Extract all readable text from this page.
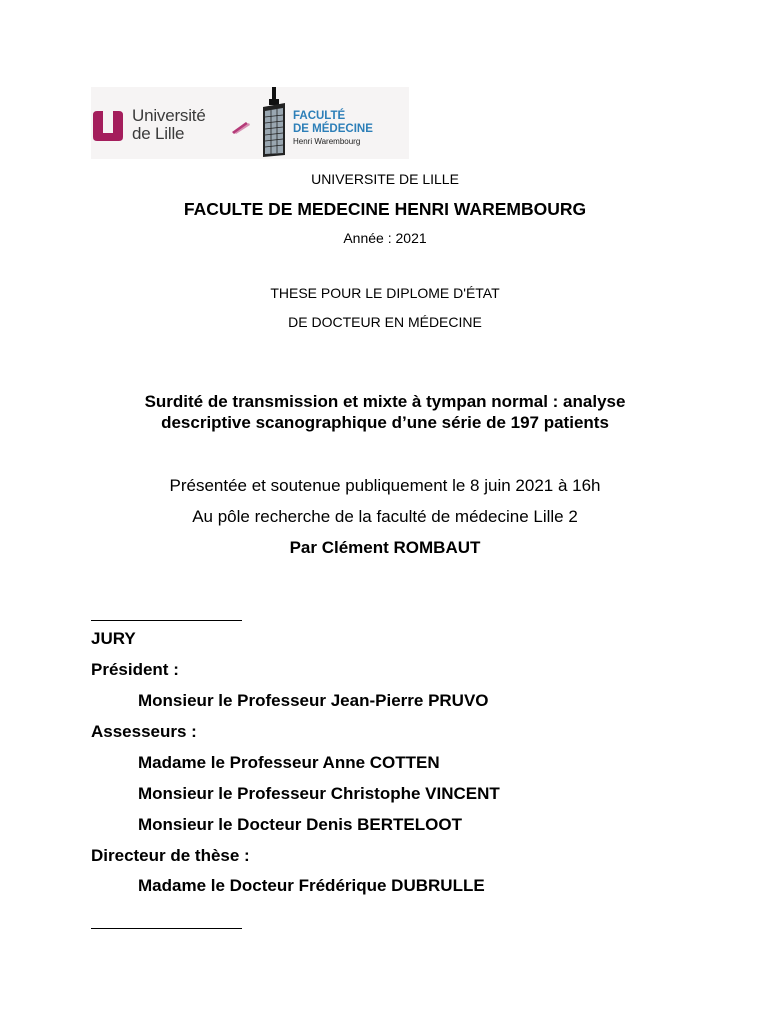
Université
de Lille
FACULTÉ
DE MÉDECINE
Henri Warembourg
UNIVERSITE DE LILLE
FACULTE DE MEDECINE HENRI WAREMBOURG
Année : 2021
THESE POUR LE DIPLOME D'ÉTAT
DE DOCTEUR EN MÉDECINE
Surdité de transmission et mixte à tympan normal : analyse
descriptive scanographique d’une série de 197 patients
Présentée et soutenue publiquement le 8 juin 2021 à 16h
Au pôle recherche de la faculté de médecine Lille 2
Par Clément ROMBAUT
JURY
Président :
Monsieur le Professeur Jean-Pierre PRUVO
Assesseurs :
Madame le Professeur Anne COTTEN
Monsieur le Professeur Christophe VINCENT
Monsieur le Docteur Denis BERTELOOT
Directeur de thèse :
Madame le Docteur Frédérique DUBRULLE
